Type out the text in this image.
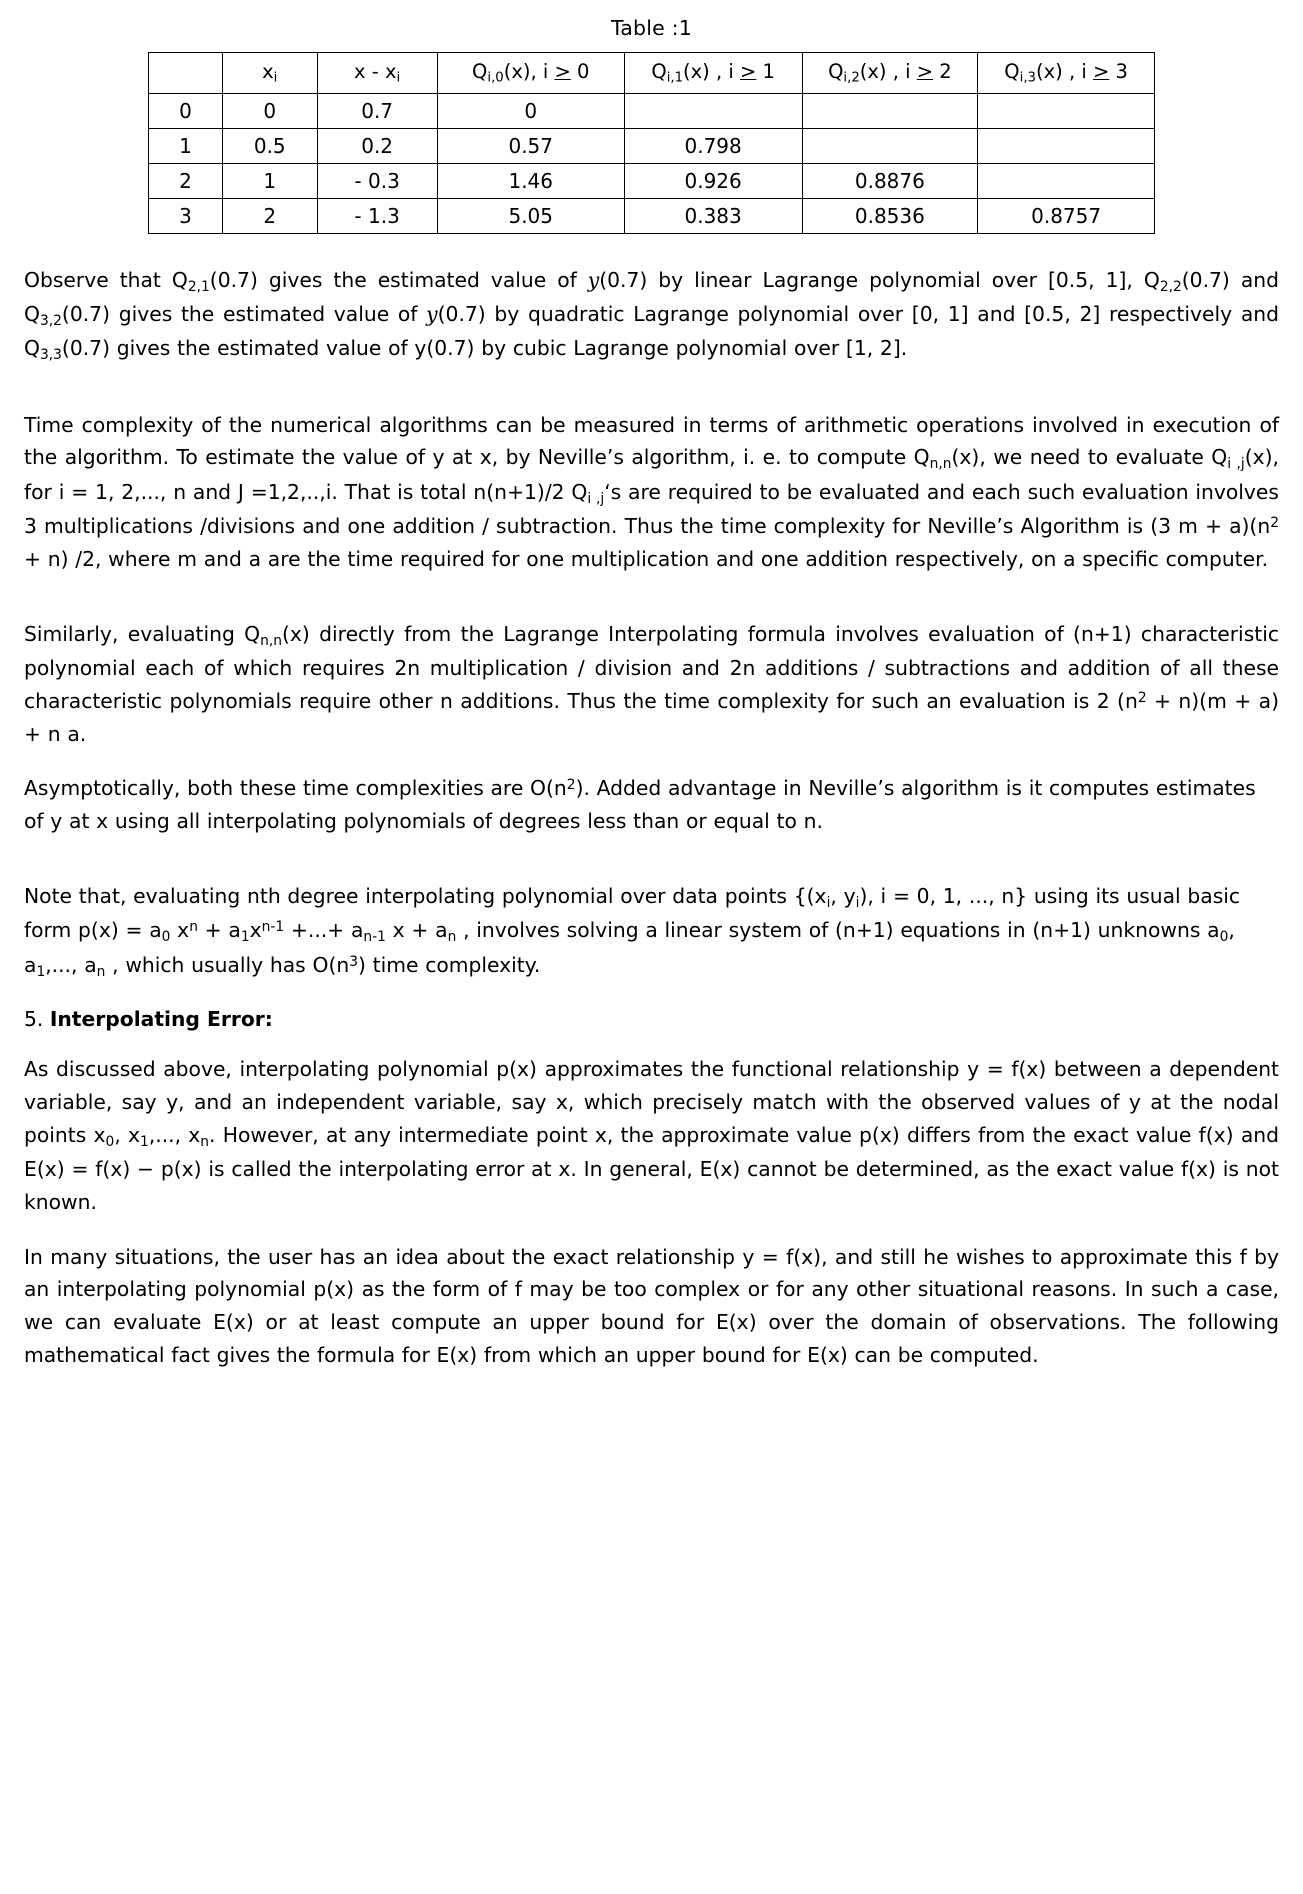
Table :1
	$x_i$	x - $x_i$	$Q_{i,0}(x)$, i > 0	$Q_{i,1}(x)$ , i > 1	$Q_{i,2}(x)$ , i > 2	$Q_{i,3}(x)$ , i > 3
0	0	0.7	0			
1	0.5	0.2	0.57	0.798		
2	1	- 0.3	1.46	0.926	0.8876	
3	2	- 1.3	5.05	0.383	0.8536	0.8757

Observe that $Q_{2,1}(0.7)$ gives the estimated value of y(0.7) by linear Lagrange polynomial over [0.5, 1], $Q_{2,2}(0.7)$ and $Q_{3,2}(0.7)$ gives the estimated value of y(0.7) by quadratic Lagrange polynomial over [0, 1] and [0.5, 2] respectively and $Q_{3,3}(0.7)$ gives the estimated value of y(0.7) by cubic Lagrange polynomial over [1, 2].

Time complexity of the numerical algorithms can be measured in terms of arithmetic operations involved in execution of the algorithm. To estimate the value of y at x, by Neville’s algorithm, i. e. to compute $Q_{n,n}(x)$, we need to evaluate $Q_{i ,j}(x)$, for i = 1, 2,..., n and J =1,2,..,i. That is total n(n+1)/2 $Q_{i ,j}‘s$ are required to be evaluated and each such evaluation involves 3 multiplications /divisions and one addition / subtraction. Thus the time complexity for Neville’s Algorithm is (3 $m + a)(n^2 + n)$ /2, where m and a are the time required for one multiplication and one addition respectively, on a specific computer.

Similarly, evaluating $Q_{n,n}(x)$ directly from the Lagrange Interpolating formula involves evaluation of (n+1) characteristic polynomial each of which requires 2n multiplication / division and 2n additions / subtractions and addition of all these characteristic polynomials require other n additions. Thus the time complexity for such an evaluation is 2 $(n^2 + n)(m + a) + n$ a.

Asymptotically, both these time complexities are $O(n^2)$. Added advantage in Neville’s algorithm is it computes estimates of y at x using all interpolating polynomials of degrees less than or equal to n.

Note that, evaluating nth degree interpolating polynomial over data points {($x_i$, $y_i$), i = 0, 1, ..., n} using its usual basic form $p(x) = a_0$ $x^n + a_1x^{n-1}$ +...+ $a_{n-1}$ $x + a_n$ , involves solving a linear system of (n+1) equations in (n+1) unknowns $a_0$, $a_1$,..., $a_n$ , which usually has $O(n^3)$ time complexity.

5. Interpolating Error:

As discussed above, interpolating polynomial p(x) approximates the functional relationship y = f(x) between a dependent variable, say y, and an independent variable, say x, which precisely match with the observed values of y at the nodal points $x_0$, $x_1$,..., $x_n$. However, at any intermediate point x, the approximate value p(x) differs from the exact value f(x) and E(x) = f(x) − p(x) is called the interpolating error at x. In general, E(x) cannot be determined, as the exact value f(x) is not known.

In many situations, the user has an idea about the exact relationship y = f(x), and still he wishes to approximate this f by an interpolating polynomial p(x) as the form of f may be too complex or for any other situational reasons. In such a case, we can evaluate E(x) or at least compute an upper bound for E(x) over the domain of observations. The following mathematical fact gives the formula for E(x) from which an upper bound for E(x) can be computed.
